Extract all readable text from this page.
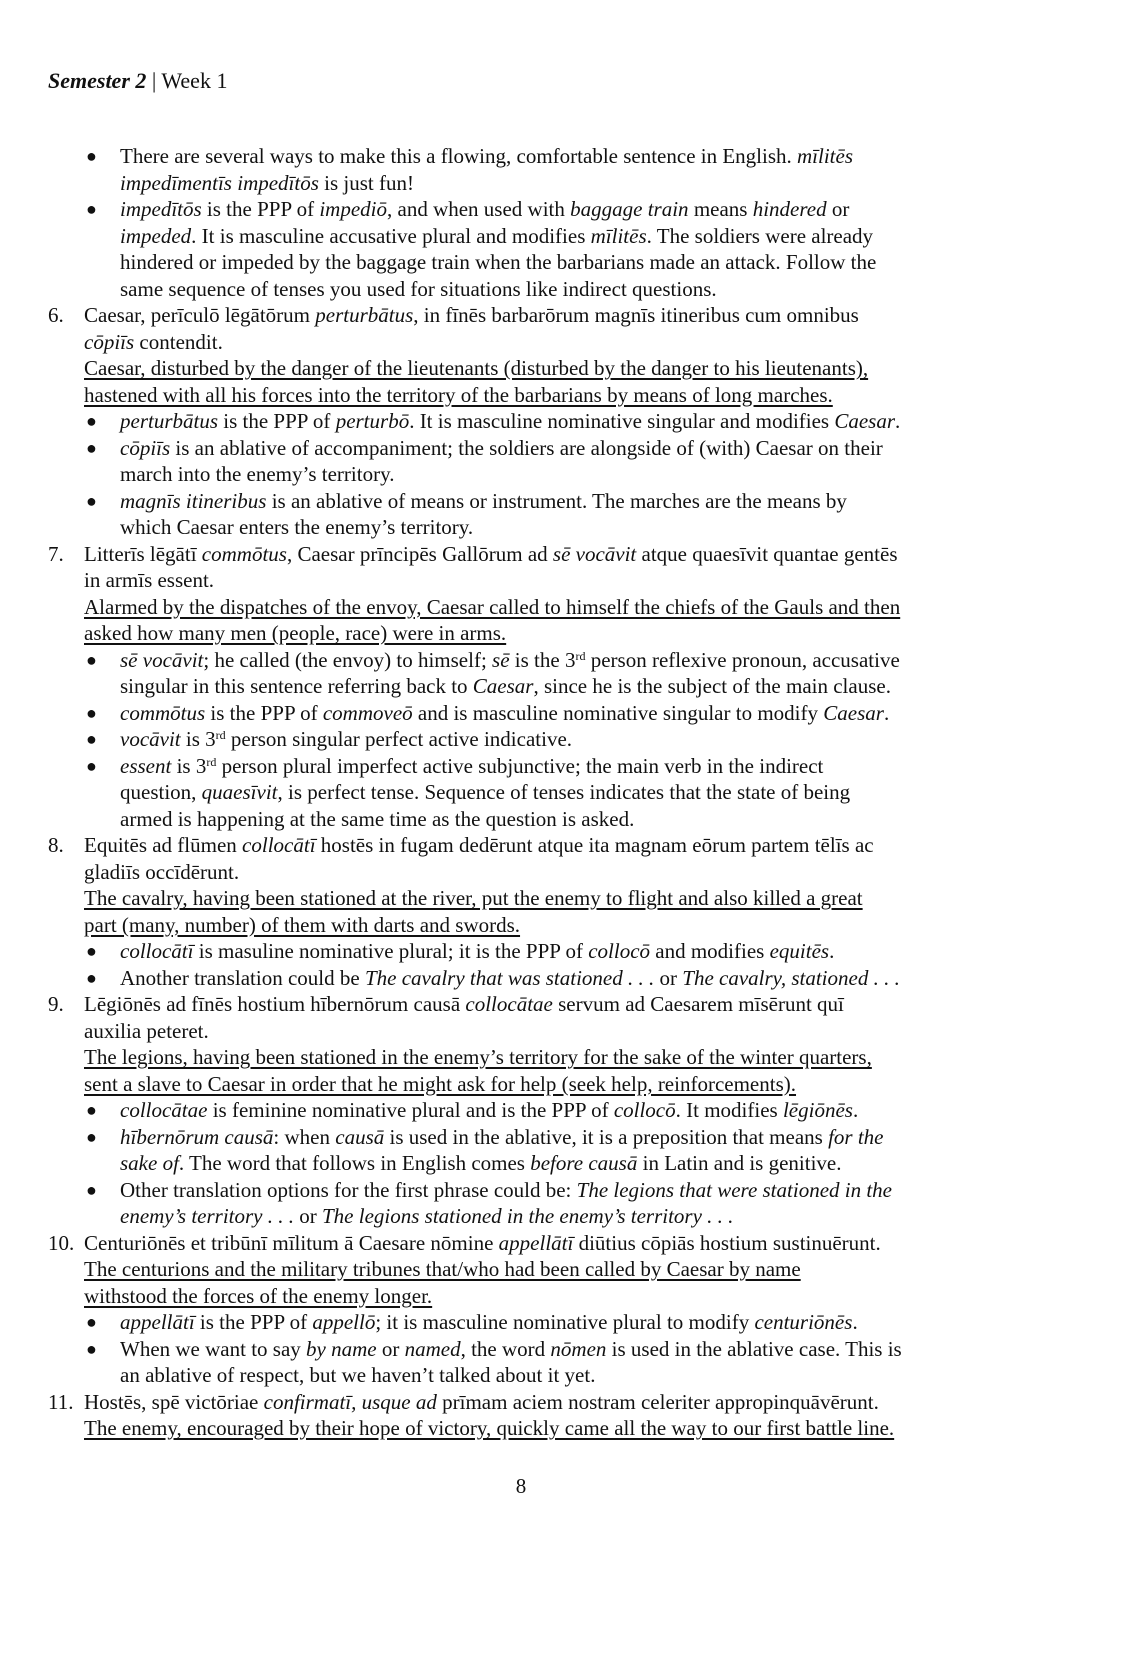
Semester 2 | Week 1
● There are several ways to make this a flowing, comfortable sentence in English. mīlitēs
impedīmentīs impedītōs is just fun!
● impedītōs is the PPP of impediō, and when used with baggage train means hindered or
impeded. It is masculine accusative plural and modifies mīlitēs. The soldiers were already
hindered or impeded by the baggage train when the barbarians made an attack. Follow the
same sequence of tenses you used for situations like indirect questions.
6. Caesar, perīculō lēgātōrum perturbātus, in fīnēs barbarōrum magnīs itineribus cum omnibus
cōpiīs contendit.
Caesar, disturbed by the danger of the lieutenants (disturbed by the danger to his lieutenants),
hastened with all his forces into the territory of the barbarians by means of long marches.
● perturbātus is the PPP of perturbō. It is masculine nominative singular and modifies Caesar.
● cōpiīs is an ablative of accompaniment; the soldiers are alongside of (with) Caesar on their
march into the enemy’s territory.
● magnīs itineribus is an ablative of means or instrument. The marches are the means by
which Caesar enters the enemy’s territory.
7. Litterīs lēgātī commōtus, Caesar prīncipēs Gallōrum ad sē vocāvit atque quaesīvit quantae gentēs
in armīs essent.
Alarmed by the dispatches of the envoy, Caesar called to himself the chiefs of the Gauls and then
asked how many men (people, race) were in arms.
● sē vocāvit; he called (the envoy) to himself; sē is the 3rd person reflexive pronoun, accusative
singular in this sentence referring back to Caesar, since he is the subject of the main clause.
● commōtus is the PPP of commoveō and is masculine nominative singular to modify Caesar.
● vocāvit is 3rd person singular perfect active indicative.
● essent is 3rd person plural imperfect active subjunctive; the main verb in the indirect
question, quaesīvit, is perfect tense. Sequence of tenses indicates that the state of being
armed is happening at the same time as the question is asked.
8. Equitēs ad flūmen collocātī hostēs in fugam dedērunt atque ita magnam eōrum partem tēlīs ac
gladiīs occīdērunt.
The cavalry, having been stationed at the river, put the enemy to flight and also killed a great
part (many, number) of them with darts and swords.
● collocātī is masuline nominative plural; it is the PPP of collocō and modifies equitēs.
● Another translation could be The cavalry that was stationed . . . or The cavalry, stationed . . .
9. Lēgiōnēs ad fīnēs hostium hībernōrum causā collocātae servum ad Caesarem mīsērunt quī
auxilia peteret.
The legions, having been stationed in the enemy’s territory for the sake of the winter quarters,
sent a slave to Caesar in order that he might ask for help (seek help, reinforcements).
● collocātae is feminine nominative plural and is the PPP of collocō. It modifies lēgiōnēs.
● hībernōrum causā: when causā is used in the ablative, it is a preposition that means for the
sake of. The word that follows in English comes before causā in Latin and is genitive.
● Other translation options for the first phrase could be: The legions that were stationed in the
enemy’s territory . . . or The legions stationed in the enemy’s territory . . .
10. Centuriōnēs et tribūnī mīlitum ā Caesare nōmine appellātī diūtius cōpiās hostium sustinuērunt.
The centurions and the military tribunes that/who had been called by Caesar by name
withstood the forces of the enemy longer.
● appellātī is the PPP of appellō; it is masculine nominative plural to modify centuriōnēs.
● When we want to say by name or named, the word nōmen is used in the ablative case. This is
an ablative of respect, but we haven’t talked about it yet.
11. Hostēs, spē victōriae confirmatī, usque ad prīmam aciem nostram celeriter appropinquāvērunt.
The enemy, encouraged by their hope of victory, quickly came all the way to our first battle line.
8
